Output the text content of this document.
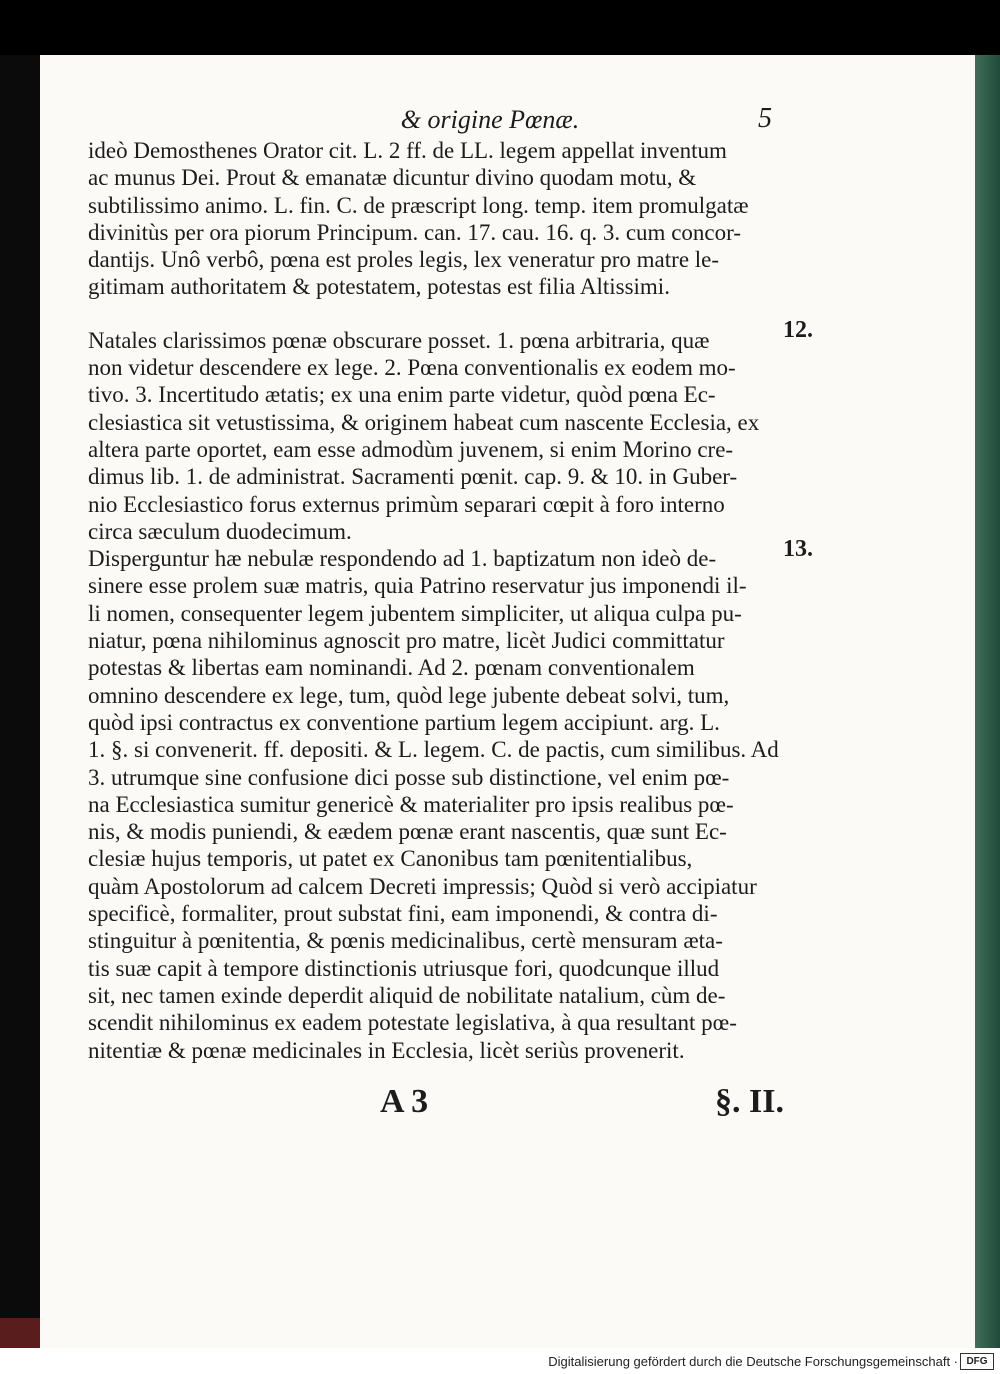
& origine Pœnæ.	5
ideò Demosthenes Orator cit. L. 2 ff. de LL. legem appellat inventum
ac munus Dei. Prout & emanatæ dicuntur divino quodam motu, &
subtilissimo animo. L. fin. C. de præscript long. temp. item promulgatæ
divinitùs per ora piorum Principum. can. 17. cau. 16. q. 3. cum concor-
dantijs. Unô verbô, pœna est proles legis, lex veneratur pro matre le-
gitimam authoritatem & potestatem, potestas est filia Altissimi.
Natales clarissimos pœnæ obscurare posset. 1. pœna arbitraria, quæ
non videtur descendere ex lege. 2. Pœna conventionalis ex eodem mo-
tivo. 3. Incertitudo ætatis; ex una enim parte videtur, quòd pœna Ec-
clesiastica sit vetustissima, & originem habeat cum nascente Ecclesia, ex
altera parte oportet, eam esse admodùm juvenem, si enim Morino cre-
dimus lib. 1. de administrat. Sacramenti pœnit. cap. 9. & 10. in Guber-
nio Ecclesiastico forus externus primùm separari cœpit à foro interno
circa sæculum duodecimum.
Disperguntur hæ nebulæ respondendo ad 1. baptizatum non ideò de-
sinere esse prolem suæ matris, quia Patrino reservatur jus imponendi il-
li nomen, consequenter legem jubentem simpliciter, ut aliqua culpa pu-
niatur, pœna nihilominus agnoscit pro matre, licèt Judici committatur
potestas & libertas eam nominandi. Ad 2. pœnam conventionalem
omnino descendere ex lege, tum, quòd lege jubente debeat solvi, tum,
quòd ipsi contractus ex conventione partium legem accipiunt. arg. L.
1. §. si convenerit. ff. depositi. & L. legem. C. de pactis, cum similibus. Ad
3. utrumque sine confusione dici posse sub distinctione, vel enim pœ-
na Ecclesiastica sumitur genericè & materialiter pro ipsis realibus pœ-
nis, & modis puniendi, & eædem pœnæ erant nascentis, quæ sunt Ec-
clesiæ hujus temporis, ut patet ex Canonibus tam pœnitentialibus,
quàm Apostolorum ad calcem Decreti impressis; Quòd si verò accipiatur
specificè, formaliter, prout substat fini, eam imponendi, & contra di-
stinguitur à pœnitentia, & pœnis medicinalibus, certè mensuram æta-
tis suæ capit à tempore distinctionis utriusque fori, quodcunque illud
sit, nec tamen exinde deperdit aliquid de nobilitate natalium, cùm de-
scendit nihilominus ex eadem potestate legislativa, à qua resultant pœ-
nitentiæ & pœnæ medicinales in Ecclesia, licèt seriùs provenerit.
12.
13.
A 3	§. II.
Digitalisierung gefördert durch die Deutsche Forschungsgemeinschaft · DFG
